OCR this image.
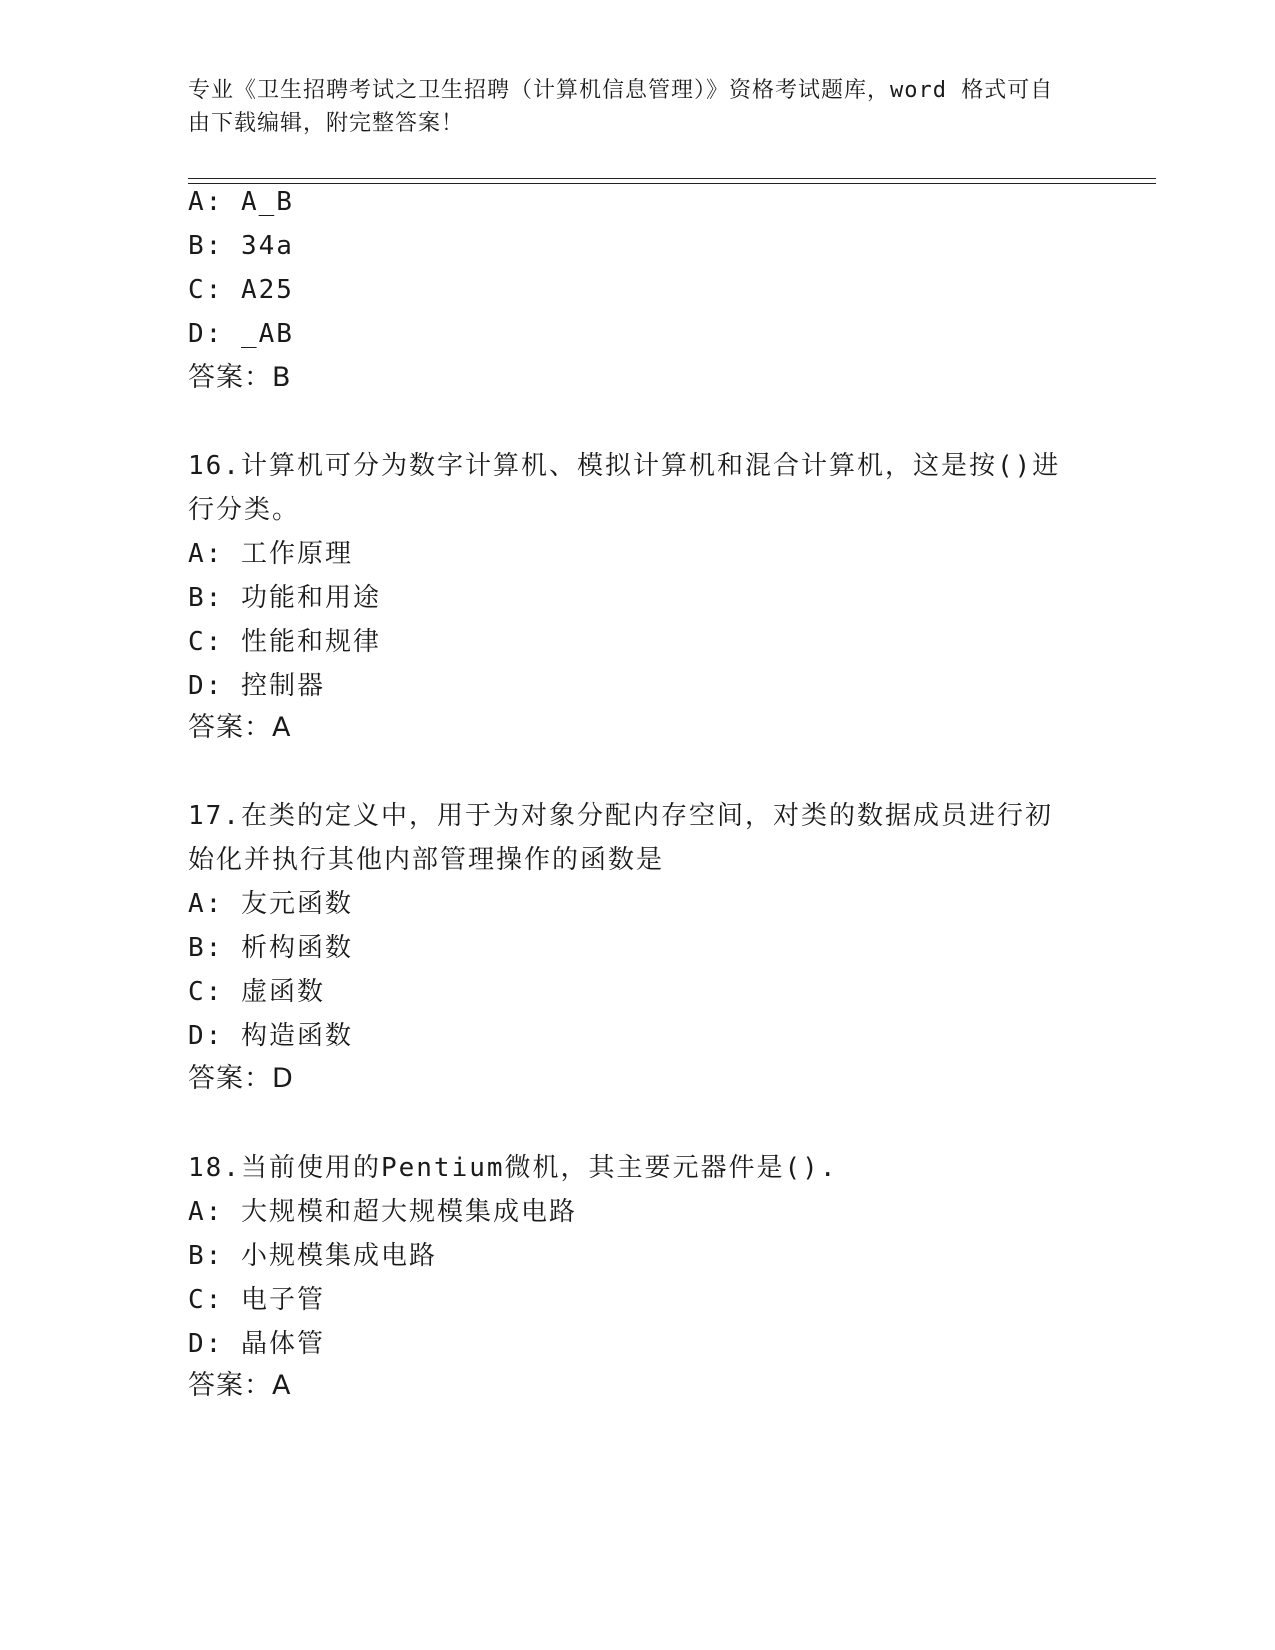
专业《卫生招聘考试之卫生招聘（计算机信息管理）》资格考试题库，word 格式可自由下载编辑，附完整答案！

A: A_B

B: 34a

C: A25

D: _AB

答案：B

16.计算机可分为数字计算机、模拟计算机和混合计算机，这是按()进

行分类。

A: 工作原理

B: 功能和用途

C: 性能和规律

D: 控制器

答案：A

17.在类的定义中，用于为对象分配内存空间，对类的数据成员进行初

始化并执行其他内部管理操作的函数是

A: 友元函数

B: 析构函数

C: 虚函数

D: 构造函数

答案：D

18.当前使用的Pentium微机，其主要元器件是().

A: 大规模和超大规模集成电路

B: 小规模集成电路

C: 电子管

D: 晶体管

答案：A
